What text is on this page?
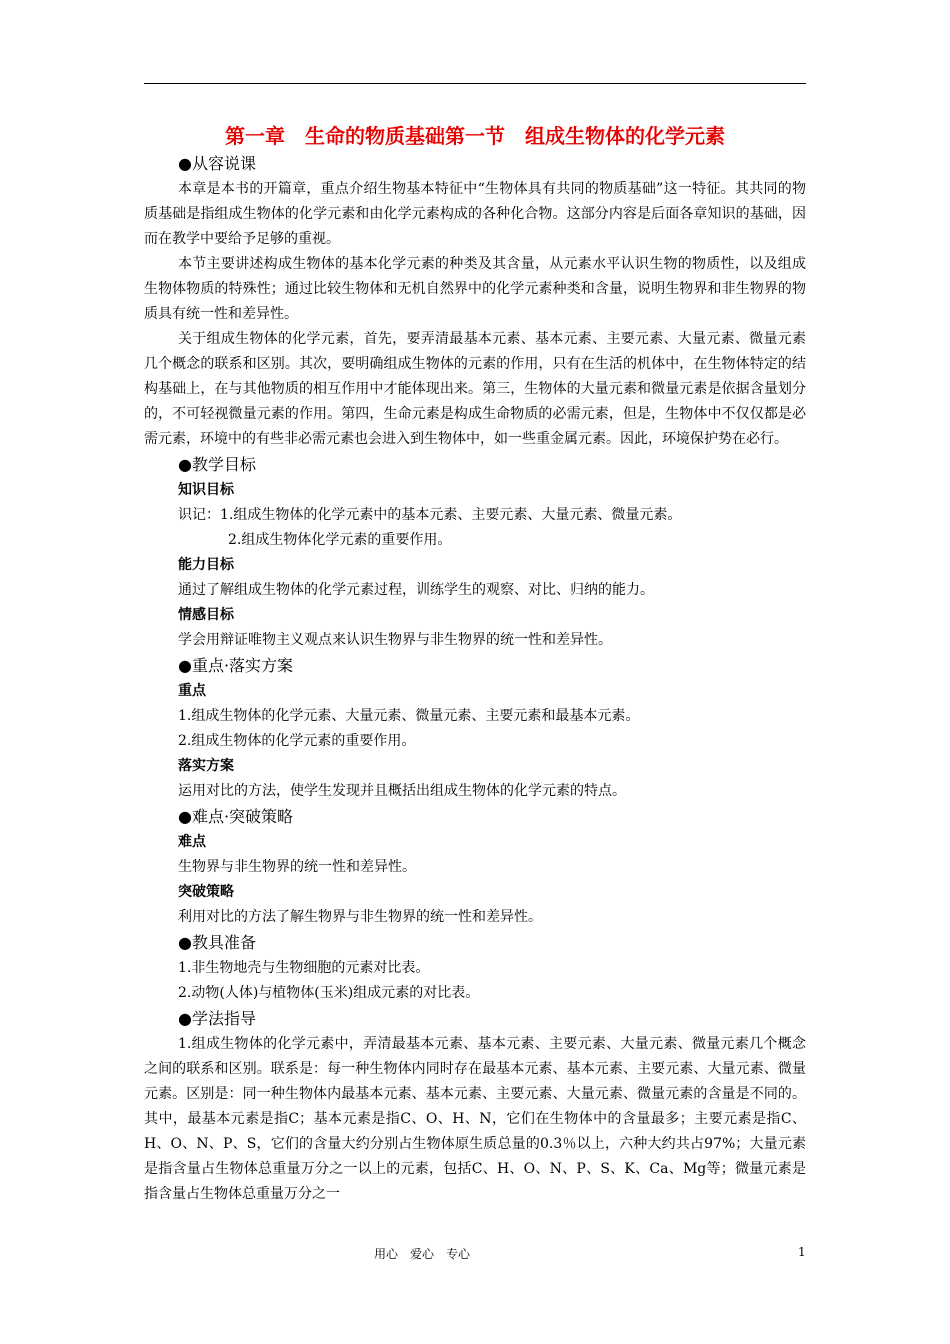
第一章　生命的物质基础第一节　组成生物体的化学元素
●从容说课
本章是本书的开篇章，重点介绍生物基本特征中“生物体具有共同的物质基础”这一特征。其共同的物质基础是指组成生物体的化学元素和由化学元素构成的各种化合物。这部分内容是后面各章知识的基础，因而在教学中要给予足够的重视。
本节主要讲述构成生物体的基本化学元素的种类及其含量，从元素水平认识生物的物质性，以及组成生物体物质的特殊性；通过比较生物体和无机自然界中的化学元素种类和含量，说明生物界和非生物界的物质具有统一性和差异性。
关于组成生物体的化学元素，首先，要弄清最基本元素、基本元素、主要元素、大量元素、微量元素几个概念的联系和区别。其次，要明确组成生物体的元素的作用，只有在生活的机体中，在生物体特定的结构基础上，在与其他物质的相互作用中才能体现出来。第三，生物体的大量元素和微量元素是依据含量划分的，不可轻视微量元素的作用。第四，生命元素是构成生命物质的必需元素，但是，生物体中不仅仅都是必需元素，环境中的有些非必需元素也会进入到生物体中，如一些重金属元素。因此，环境保护势在必行。
●教学目标
知识目标
识记：1.组成生物体的化学元素中的基本元素、主要元素、大量元素、微量元素。
2.组成生物体化学元素的重要作用。
能力目标
通过了解组成生物体的化学元素过程，训练学生的观察、对比、归纳的能力。
情感目标
学会用辩证唯物主义观点来认识生物界与非生物界的统一性和差异性。
●重点·落实方案
重点
1.组成生物体的化学元素、大量元素、微量元素、主要元素和最基本元素。
2.组成生物体的化学元素的重要作用。
落实方案
运用对比的方法，使学生发现并且概括出组成生物体的化学元素的特点。
●难点·突破策略
难点
生物界与非生物界的统一性和差异性。
突破策略
利用对比的方法了解生物界与非生物界的统一性和差异性。
●教具准备
1.非生物地壳与生物细胞的元素对比表。
2.动物(人体)与植物体(玉米)组成元素的对比表。
●学法指导
1.组成生物体的化学元素中，弄清最基本元素、基本元素、主要元素、大量元素、微量元素几个概念之间的联系和区别。联系是：每一种生物体内同时存在最基本元素、基本元素、主要元素、大量元素、微量元素。区别是：同一种生物体内最基本元素、基本元素、主要元素、大量元素、微量元素的含量是不同的。其中，最基本元素是指C；基本元素是指C、O、H、N，它们在生物体中的含量最多；主要元素是指C、H、O、N、P、S，它们的含量大约分别占生物体原生质总量的0.3％以上，六种大约共占97%；大量元素是指含量占生物体总重量万分之一以上的元素，包括C、H、O、N、P、S、K、Ca、Mg等；微量元素是指含量占生物体总重量万分之一
用心　爱心　专心	1
